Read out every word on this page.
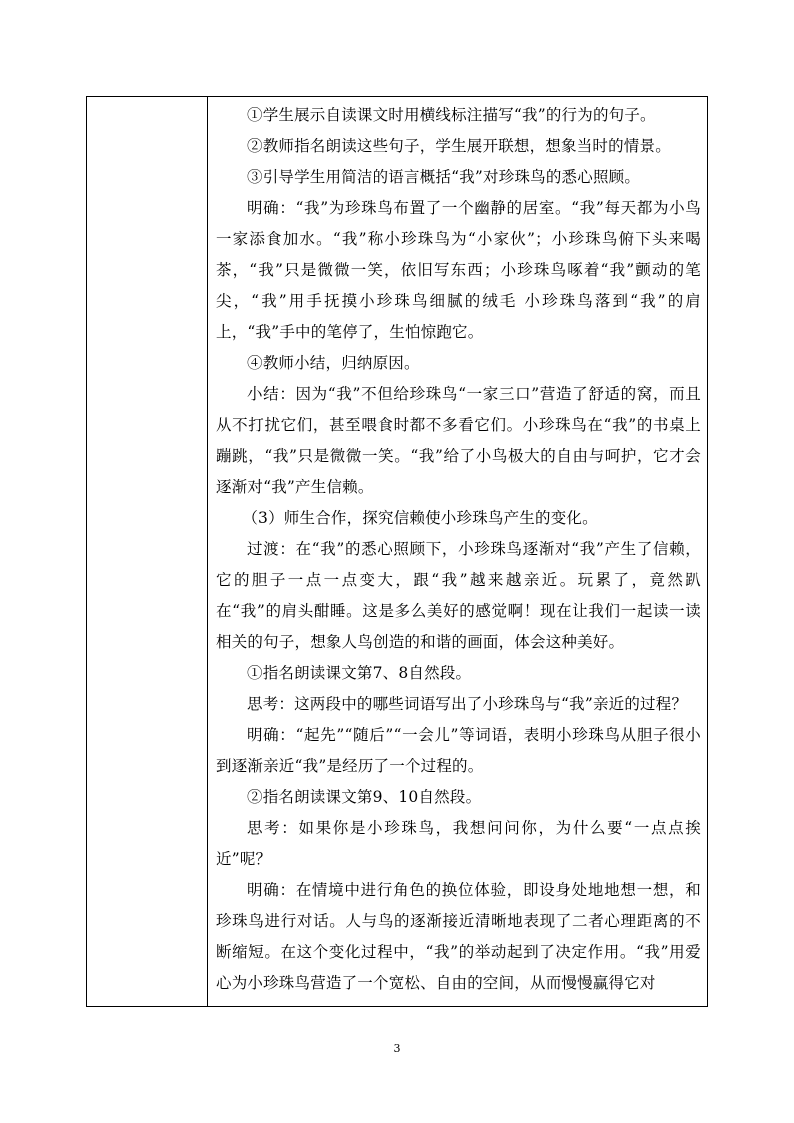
①学生展示自读课文时用横线标注描写“我”的行为的句子。

②教师指名朗读这些句子，学生展开联想，想象当时的情景。

③引导学生用简洁的语言概括“我”对珍珠鸟的悉心照顾。

明确：“我”为珍珠鸟布置了一个幽静的居室。“我”每天都为小鸟一家添食加水。“我”称小珍珠鸟为“小家伙”；小珍珠鸟俯下头来喝茶，“我”只是微微一笑，依旧写东西；小珍珠鸟啄着“我”颤动的笔尖，“我”用手抚摸小珍珠鸟细腻的绒毛 小珍珠鸟落到“我”的肩上，“我”手中的笔停了，生怕惊跑它。

④教师小结，归纳原因。

小结：因为“我”不但给珍珠鸟“一家三口”营造了舒适的窝，而且从不打扰它们，甚至喂食时都不多看它们。小珍珠鸟在“我”的书桌上蹦跳，“我”只是微微一笑。“我”给了小鸟极大的自由与呵护，它才会逐渐对“我”产生信赖。

（3）师生合作，探究信赖使小珍珠鸟产生的变化。

过渡：在“我”的悉心照顾下，小珍珠鸟逐渐对“我”产生了信赖，它的胆子一点一点变大，跟“我”越来越亲近。玩累了，竟然趴在“我”的肩头酣睡。这是多么美好的感觉啊！现在让我们一起读一读相关的句子，想象人鸟创造的和谐的画面，体会这种美好。

①指名朗读课文第7、8自然段。

思考：这两段中的哪些词语写出了小珍珠鸟与“我”亲近的过程？

明确：“起先”“随后”“一会儿”等词语，表明小珍珠鸟从胆子很小到逐渐亲近“我”是经历了一个过程的。

②指名朗读课文第9、10自然段。

思考：如果你是小珍珠鸟，我想问问你，为什么要“一点点挨近”呢？

明确：在情境中进行角色的换位体验，即设身处地地想一想，和珍珠鸟进行对话。人与鸟的逐渐接近清晰地表现了二者心理距离的不断缩短。在这个变化过程中，“我”的举动起到了决定作用。“我”用爱心为小珍珠鸟营造了一个宽松、自由的空间，从而慢慢赢得它对

3
